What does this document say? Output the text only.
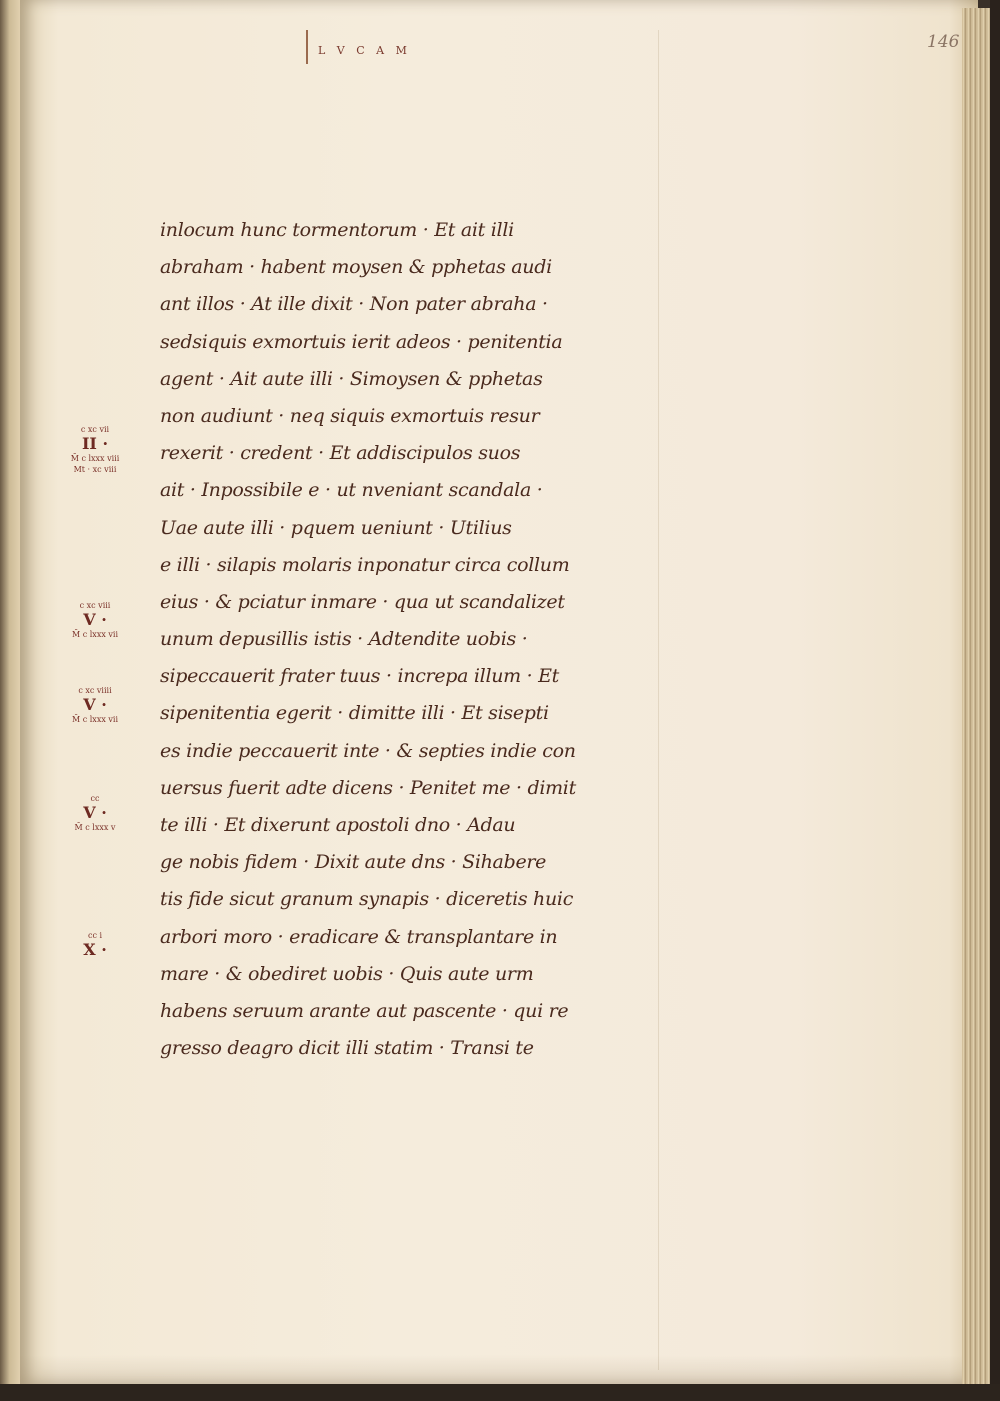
L V C A M	146
inlocum hunc tormentorum · Et ait illi
abraham · habent moysen & pphetas audi
ant illos · At ille dixit · Non pater abraha ·
sedsiquis exmortuis ierit adeos · penitentia
agent · Ait aute illi · Simoysen & pphetas
non audiunt · neq siquis exmortuis resur
rexerit · credent · Et addiscipulos suos
ait · Inpossibile e · ut nveniant scandala ·
Uae aute illi · pquem ueniunt · Utilius
e illi · silapis molaris inponatur circa collum
eius · & pciatur inmare · qua ut scandalizet
unum depusillis istis · Adtendite uobis ·
sipeccauerit frater tuus · increpa illum · Et
sipenitentia egerit · dimitte illi · Et sisepti
es indie peccauerit inte · & septies indie con
uersus fuerit adte dicens · Penitet me · dimit
te illi · Et dixerunt apostoli dno · Adau
ge nobis fidem · Dixit aute dns · Sihabere
tis fide sicut granum synapis · diceretis huic
arbori moro · eradicare & transplantare in
mare · & obediret uobis · Quis aute urm
habens seruum arante aut pascente · qui re
gresso deagro dicit illi statim · Transi te
c xc vii
II ·
M̄ c lxxx viii
Mt · xc viii
c xc viii
V ·
M̄ c lxxx vii
c xc viiii
V ·
M̄ c lxxx vii
cc
V ·
M̄ c lxxx v
cc i
X ·
